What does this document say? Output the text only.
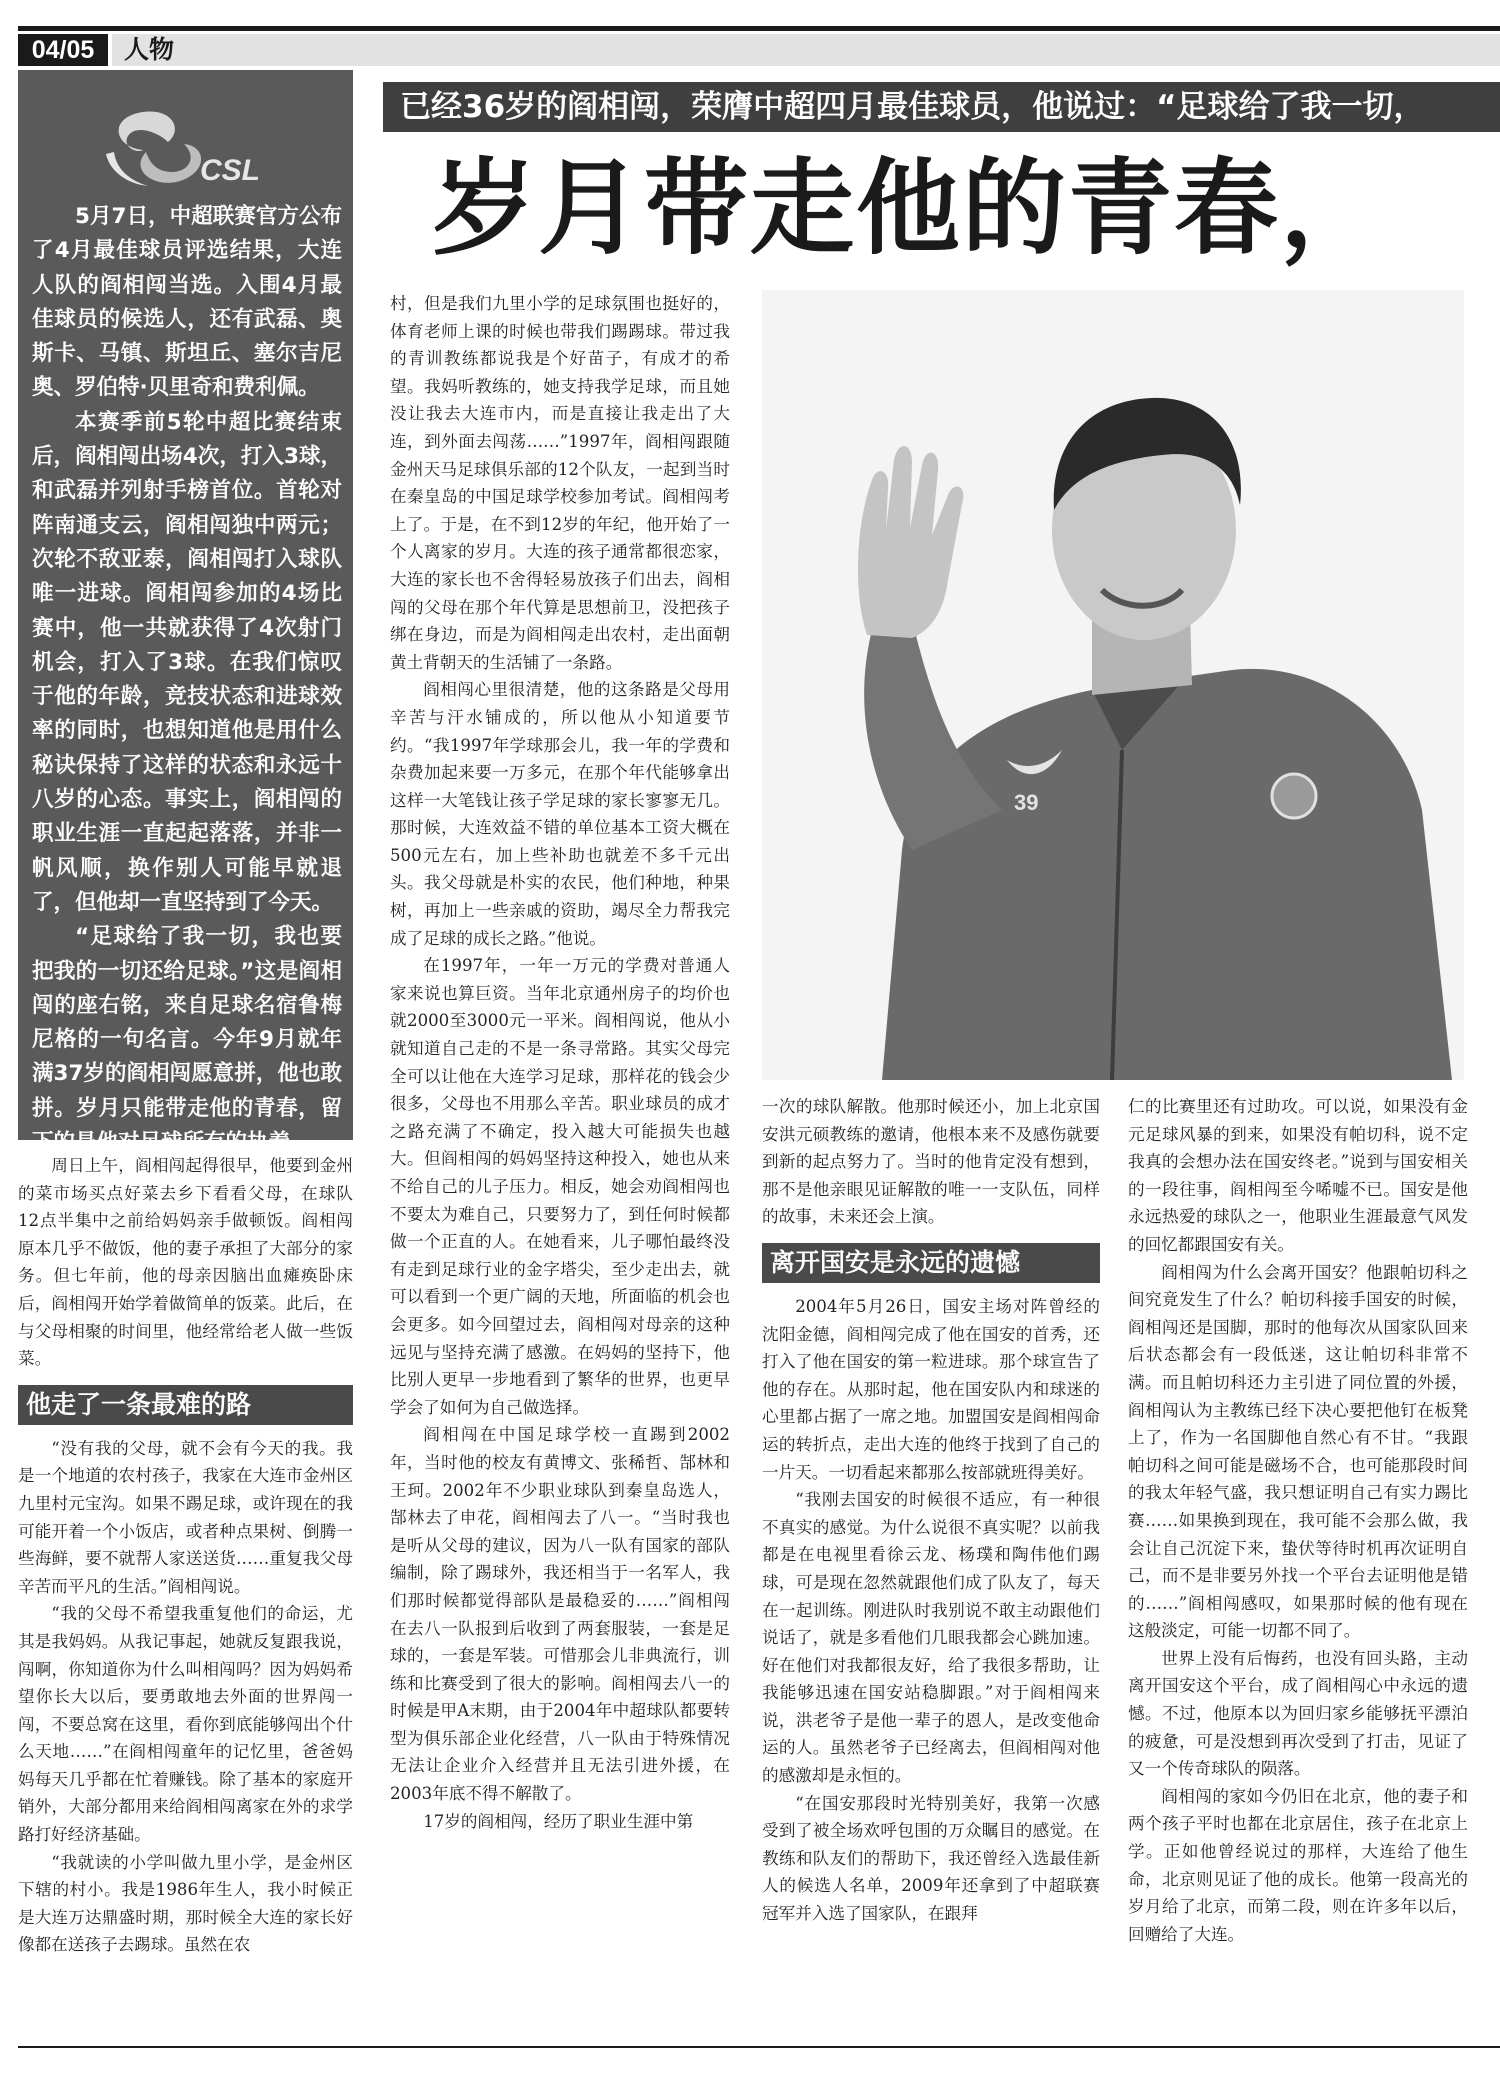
04/05	人物
CSL

5月7日，中超联赛官方公布了4月最佳球员评选结果，大连人队的阎相闯当选。入围4月最佳球员的候选人，还有武磊、奥斯卡、马镇、斯坦丘、塞尔吉尼奥、罗伯特·贝里奇和费利佩。

本赛季前5轮中超比赛结束后，阎相闯出场4次，打入3球，和武磊并列射手榜首位。首轮对阵南通支云，阎相闯独中两元；次轮不敌亚泰，阎相闯打入球队唯一进球。阎相闯参加的4场比赛中，他一共就获得了4次射门机会，打入了3球。在我们惊叹于他的年龄，竞技状态和进球效率的同时，也想知道他是用什么秘诀保持了这样的状态和永远十八岁的心态。事实上，阎相闯的职业生涯一直起起落落，并非一帆风顺，换作别人可能早就退了，但他却一直坚持到了今天。

“足球给了我一切，我也要把我的一切还给足球。”这是阎相闯的座右铭，来自足球名宿鲁梅尼格的一句名言。今年9月就年满37岁的阎相闯愿意拼，他也敢拼。岁月只能带走他的青春，留下的是他对足球所有的执着。

已经36岁的阎相闯，荣膺中超四月最佳球员，他说过：“足球给了我一切，
岁月带走他的青春，
39

周日上午，阎相闯起得很早，他要到金州的菜市场买点好菜去乡下看看父母，在球队12点半集中之前给妈妈亲手做顿饭。阎相闯原本几乎不做饭，他的妻子承担了大部分的家务。但七年前，他的母亲因脑出血瘫痪卧床后，阎相闯开始学着做简单的饭菜。此后，在与父母相聚的时间里，他经常给老人做一些饭菜。

他走了一条最难的路

“没有我的父母，就不会有今天的我。我是一个地道的农村孩子，我家在大连市金州区九里村元宝沟。如果不踢足球，或许现在的我可能开着一个小饭店，或者种点果树、倒腾一些海鲜，要不就帮人家送送货……重复我父母辛苦而平凡的生活。”阎相闯说。

“我的父母不希望我重复他们的命运，尤其是我妈妈。从我记事起，她就反复跟我说，闯啊，你知道你为什么叫相闯吗？因为妈妈希望你长大以后，要勇敢地去外面的世界闯一闯，不要总窝在这里，看你到底能够闯出个什么天地……”在阎相闯童年的记忆里，爸爸妈妈每天几乎都在忙着赚钱。除了基本的家庭开销外，大部分都用来给阎相闯离家在外的求学路打好经济基础。

“我就读的小学叫做九里小学，是金州区下辖的村小。我是1986年生人，我小时候正是大连万达鼎盛时期，那时候全大连的家长好像都在送孩子去踢球。虽然在农

村，但是我们九里小学的足球氛围也挺好的，体育老师上课的时候也带我们踢踢球。带过我的青训教练都说我是个好苗子，有成才的希望。我妈听教练的，她支持我学足球，而且她没让我去大连市内，而是直接让我走出了大连，到外面去闯荡……”1997年，阎相闯跟随金州天马足球俱乐部的12个队友，一起到当时在秦皇岛的中国足球学校参加考试。阎相闯考上了。于是，在不到12岁的年纪，他开始了一个人离家的岁月。大连的孩子通常都很恋家，大连的家长也不舍得轻易放孩子们出去，阎相闯的父母在那个年代算是思想前卫，没把孩子绑在身边，而是为阎相闯走出农村，走出面朝黄土背朝天的生活铺了一条路。

阎相闯心里很清楚，他的这条路是父母用辛苦与汗水铺成的，所以他从小知道要节约。“我1997年学球那会儿，我一年的学费和杂费加起来要一万多元，在那个年代能够拿出这样一大笔钱让孩子学足球的家长寥寥无几。那时候，大连效益不错的单位基本工资大概在500元左右，加上些补助也就差不多千元出头。我父母就是朴实的农民，他们种地，种果树，再加上一些亲戚的资助，竭尽全力帮我完成了足球的成长之路。”他说。

在1997年，一年一万元的学费对普通人家来说也算巨资。当年北京通州房子的均价也就2000至3000元一平米。阎相闯说，他从小就知道自己走的不是一条寻常路。其实父母完全可以让他在大连学习足球，那样花的钱会少很多，父母也不用那么辛苦。职业球员的成才之路充满了不确定，投入越大可能损失也越大。但阎相闯的妈妈坚持这种投入，她也从来不给自己的儿子压力。相反，她会劝阎相闯也不要太为难自己，只要努力了，到任何时候都做一个正直的人。在她看来，儿子哪怕最终没有走到足球行业的金字塔尖，至少走出去，就可以看到一个更广阔的天地，所面临的机会也会更多。如今回望过去，阎相闯对母亲的这种远见与坚持充满了感激。在妈妈的坚持下，他比别人更早一步地看到了繁华的世界，也更早学会了如何为自己做选择。

阎相闯在中国足球学校一直踢到2002年，当时他的校友有黄博文、张稀哲、郜林和王珂。2002年不少职业球队到秦皇岛选人，郜林去了申花，阎相闯去了八一。“当时我也是听从父母的建议，因为八一队有国家的部队编制，除了踢球外，我还相当于一名军人，我们那时候都觉得部队是最稳妥的……”阎相闯在去八一队报到后收到了两套服装，一套是足球的，一套是军装。可惜那会儿非典流行，训练和比赛受到了很大的影响。阎相闯去八一的时候是甲A末期，由于2004年中超球队都要转型为俱乐部企业化经营，八一队由于特殊情况无法让企业介入经营并且无法引进外援，在2003年底不得不解散了。

17岁的阎相闯，经历了职业生涯中第

一次的球队解散。他那时候还小，加上北京国安洪元硕教练的邀请，他根本来不及感伤就要到新的起点努力了。当时的他肯定没有想到，那不是他亲眼见证解散的唯一一支队伍，同样的故事，未来还会上演。

离开国安是永远的遗憾

2004年5月26日，国安主场对阵曾经的沈阳金德，阎相闯完成了他在国安的首秀，还打入了他在国安的第一粒进球。那个球宣告了他的存在。从那时起，他在国安队内和球迷的心里都占据了一席之地。加盟国安是阎相闯命运的转折点，走出大连的他终于找到了自己的一片天。一切看起来都那么按部就班得美好。

“我刚去国安的时候很不适应，有一种很不真实的感觉。为什么说很不真实呢？以前我都是在电视里看徐云龙、杨璞和陶伟他们踢球，可是现在忽然就跟他们成了队友了，每天在一起训练。刚进队时我别说不敢主动跟他们说话了，就是多看他们几眼我都会心跳加速。好在他们对我都很友好，给了我很多帮助，让我能够迅速在国安站稳脚跟。”对于阎相闯来说，洪老爷子是他一辈子的恩人，是改变他命运的人。虽然老爷子已经离去，但阎相闯对他的感激却是永恒的。

“在国安那段时光特别美好，我第一次感受到了被全场欢呼包围的万众瞩目的感觉。在教练和队友们的帮助下，我还曾经入选最佳新人的候选人名单，2009年还拿到了中超联赛冠军并入选了国家队，在跟拜

仁的比赛里还有过助攻。可以说，如果没有金元足球风暴的到来，如果没有帕切科，说不定我真的会想办法在国安终老。”说到与国安相关的一段往事，阎相闯至今唏嘘不已。国安是他永远热爱的球队之一，他职业生涯最意气风发的回忆都跟国安有关。

阎相闯为什么会离开国安？他跟帕切科之间究竟发生了什么？帕切科接手国安的时候，阎相闯还是国脚，那时的他每次从国家队回来后状态都会有一段低迷，这让帕切科非常不满。而且帕切科还力主引进了同位置的外援，阎相闯认为主教练已经下决心要把他钉在板凳上了，作为一名国脚他自然心有不甘。“我跟帕切科之间可能是磁场不合，也可能那段时间的我太年轻气盛，我只想证明自己有实力踢比赛……如果换到现在，我可能不会那么做，我会让自己沉淀下来，蛰伏等待时机再次证明自己，而不是非要另外找一个平台去证明他是错的……”阎相闯感叹，如果那时候的他有现在这般淡定，可能一切都不同了。

世界上没有后悔药，也没有回头路，主动离开国安这个平台，成了阎相闯心中永远的遗憾。不过，他原本以为回归家乡能够抚平漂泊的疲惫，可是没想到再次受到了打击，见证了又一个传奇球队的陨落。

阎相闯的家如今仍旧在北京，他的妻子和两个孩子平时也都在北京居住，孩子在北京上学。正如他曾经说过的那样，大连给了他生命，北京则见证了他的成长。他第一段高光的岁月给了北京，而第二段，则在许多年以后，回赠给了大连。
